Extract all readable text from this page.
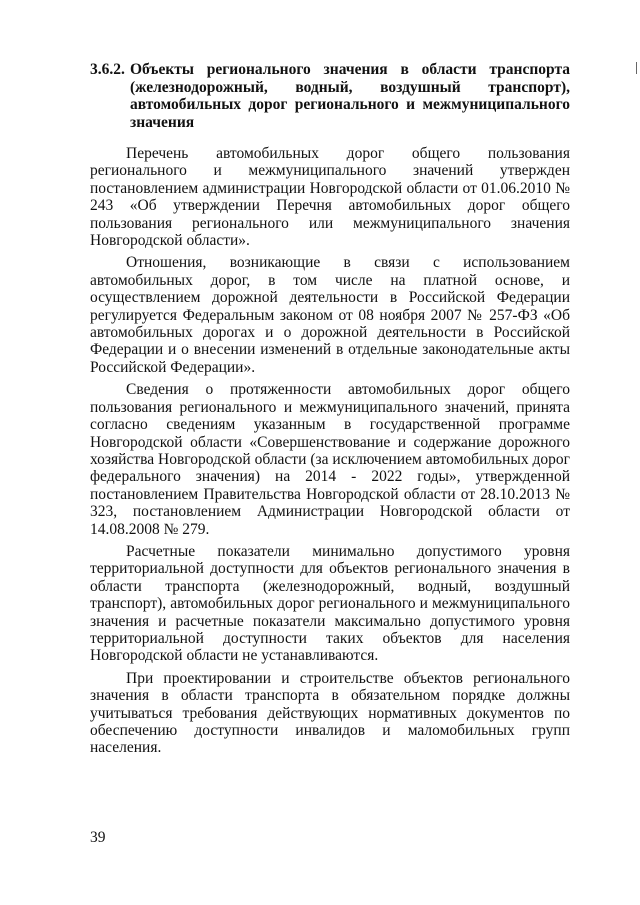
3.6.2. Объекты регионального значения в области транспорта (железнодорожный, водный, воздушный транспорт), автомобильных дорог регионального и межмуниципального значения

Перечень автомобильных дорог общего пользования регионального и межмуниципального значений утвержден постановлением администрации Новгородской области от 01.06.2010 № 243 «Об утверждении Перечня автомобильных дорог общего пользования регионального или межмуниципального значения Новгородской области».

Отношения, возникающие в связи с использованием автомобильных дорог, в том числе на платной основе, и осуществлением дорожной деятельности в Российской Федерации регулируется Федеральным законом от 08 ноября 2007 № 257-ФЗ «Об автомобильных дорогах и о дорожной деятельности в Российской Федерации и о внесении изменений в отдельные законодательные акты Российской Федерации».

Сведения о протяженности автомобильных дорог общего пользования регионального и межмуниципального значений, принята согласно сведениям указанным в государственной программе Новгородской области «Совершенствование и содержание дорожного хозяйства Новгородской области (за исключением автомобильных дорог федерального значения) на 2014 - 2022 годы», утвержденной постановлением Правительства Новгородской области от 28.10.2013 № 323, постановлением Администрации Новгородской области от 14.08.2008 № 279.

Расчетные показатели минимально допустимого уровня территориальной доступности для объектов регионального значения в области транспорта (железнодорожный, водный, воздушный транспорт), автомобильных дорог регионального и межмуниципального значения и расчетные показатели максимально допустимого уровня территориальной доступности таких объектов для населения Новгородской области не устанавливаются.

При проектировании и строительстве объектов регионального значения в области транспорта в обязательном порядке должны учитываться требования действующих нормативных документов по обеспечению доступности инвалидов и маломобильных групп населения.

39
